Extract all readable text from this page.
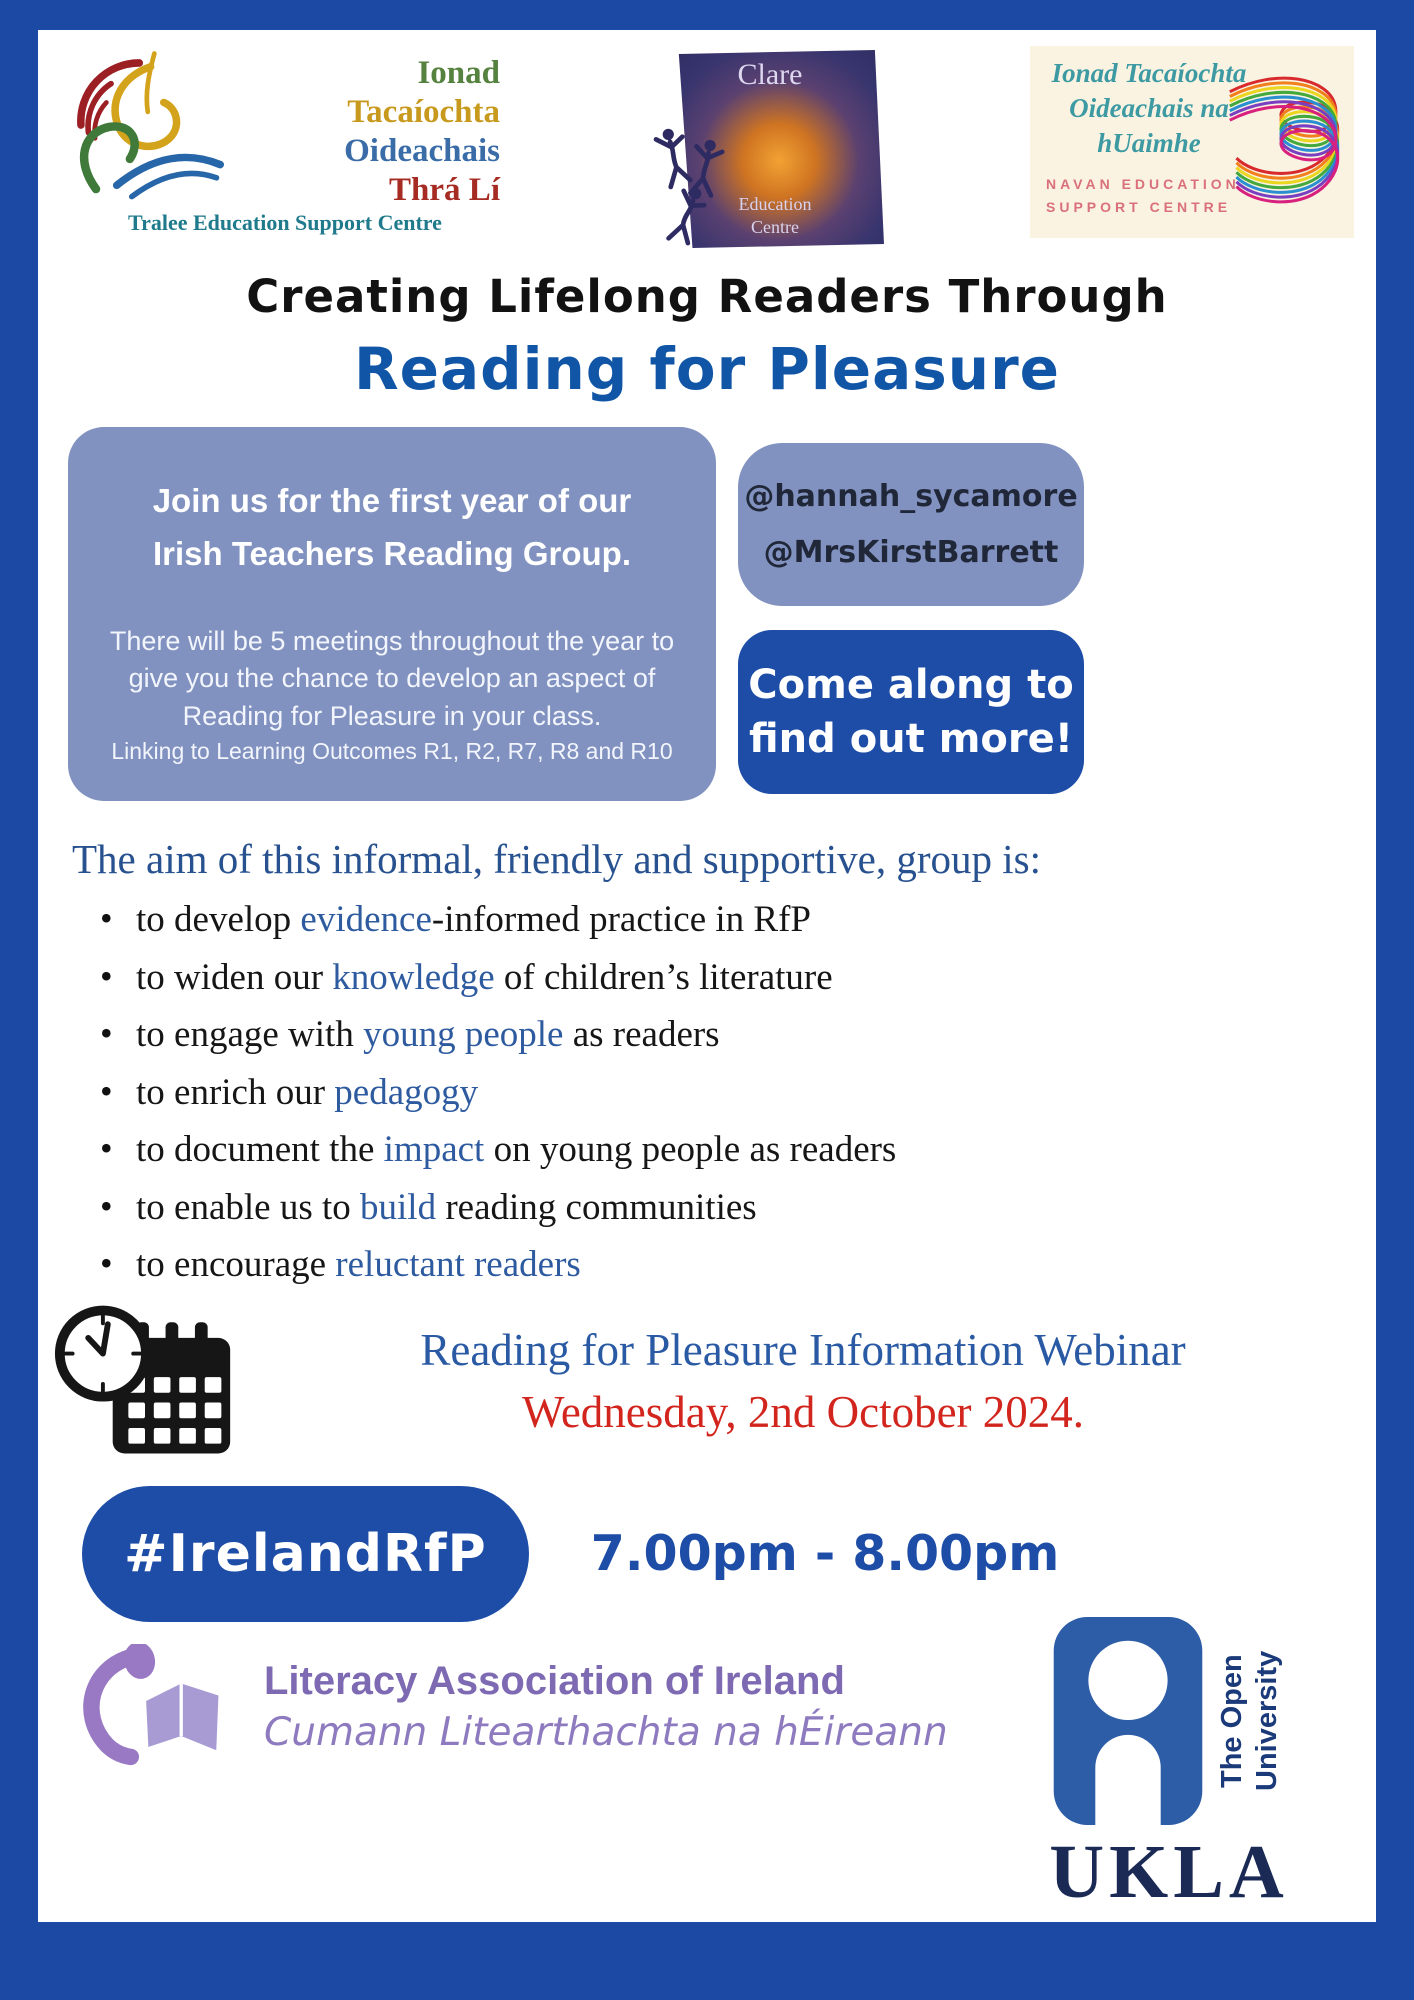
Ionad
Tacaíochta
Oideachais
Thrá Lí
Tralee Education Support Centre
Clare
Education
Centre
Ionad Tacaíochta
Oideachais na
hUaimhe
NAVAN EDUCATION
SUPPORT CENTRE
Creating Lifelong Readers Through
Reading for Pleasure
Join us for the first year of our
Irish Teachers Reading Group.
There will be 5 meetings throughout the year to
give you the chance to develop an aspect of
Reading for Pleasure in your class.
Linking to Learning Outcomes R1, R2, R7, R8 and R10
@hannah_sycamore
@MrsKirstBarrett
Come along to
find out more!
The aim of this informal, friendly and supportive, group is:
• to develop evidence-informed practice in RfP
• to widen our knowledge of children’s literature
• to engage with young people as readers
• to enrich our pedagogy
• to document the impact on young people as readers
• to enable us to build reading communities
• to encourage reluctant readers
Reading for Pleasure Information Webinar
Wednesday, 2nd October 2024.
#IrelandRfP	7.00pm - 8.00pm
Literacy Association of Ireland
Cumann Litearthachta na hÉireann	The Open University
UKLA
